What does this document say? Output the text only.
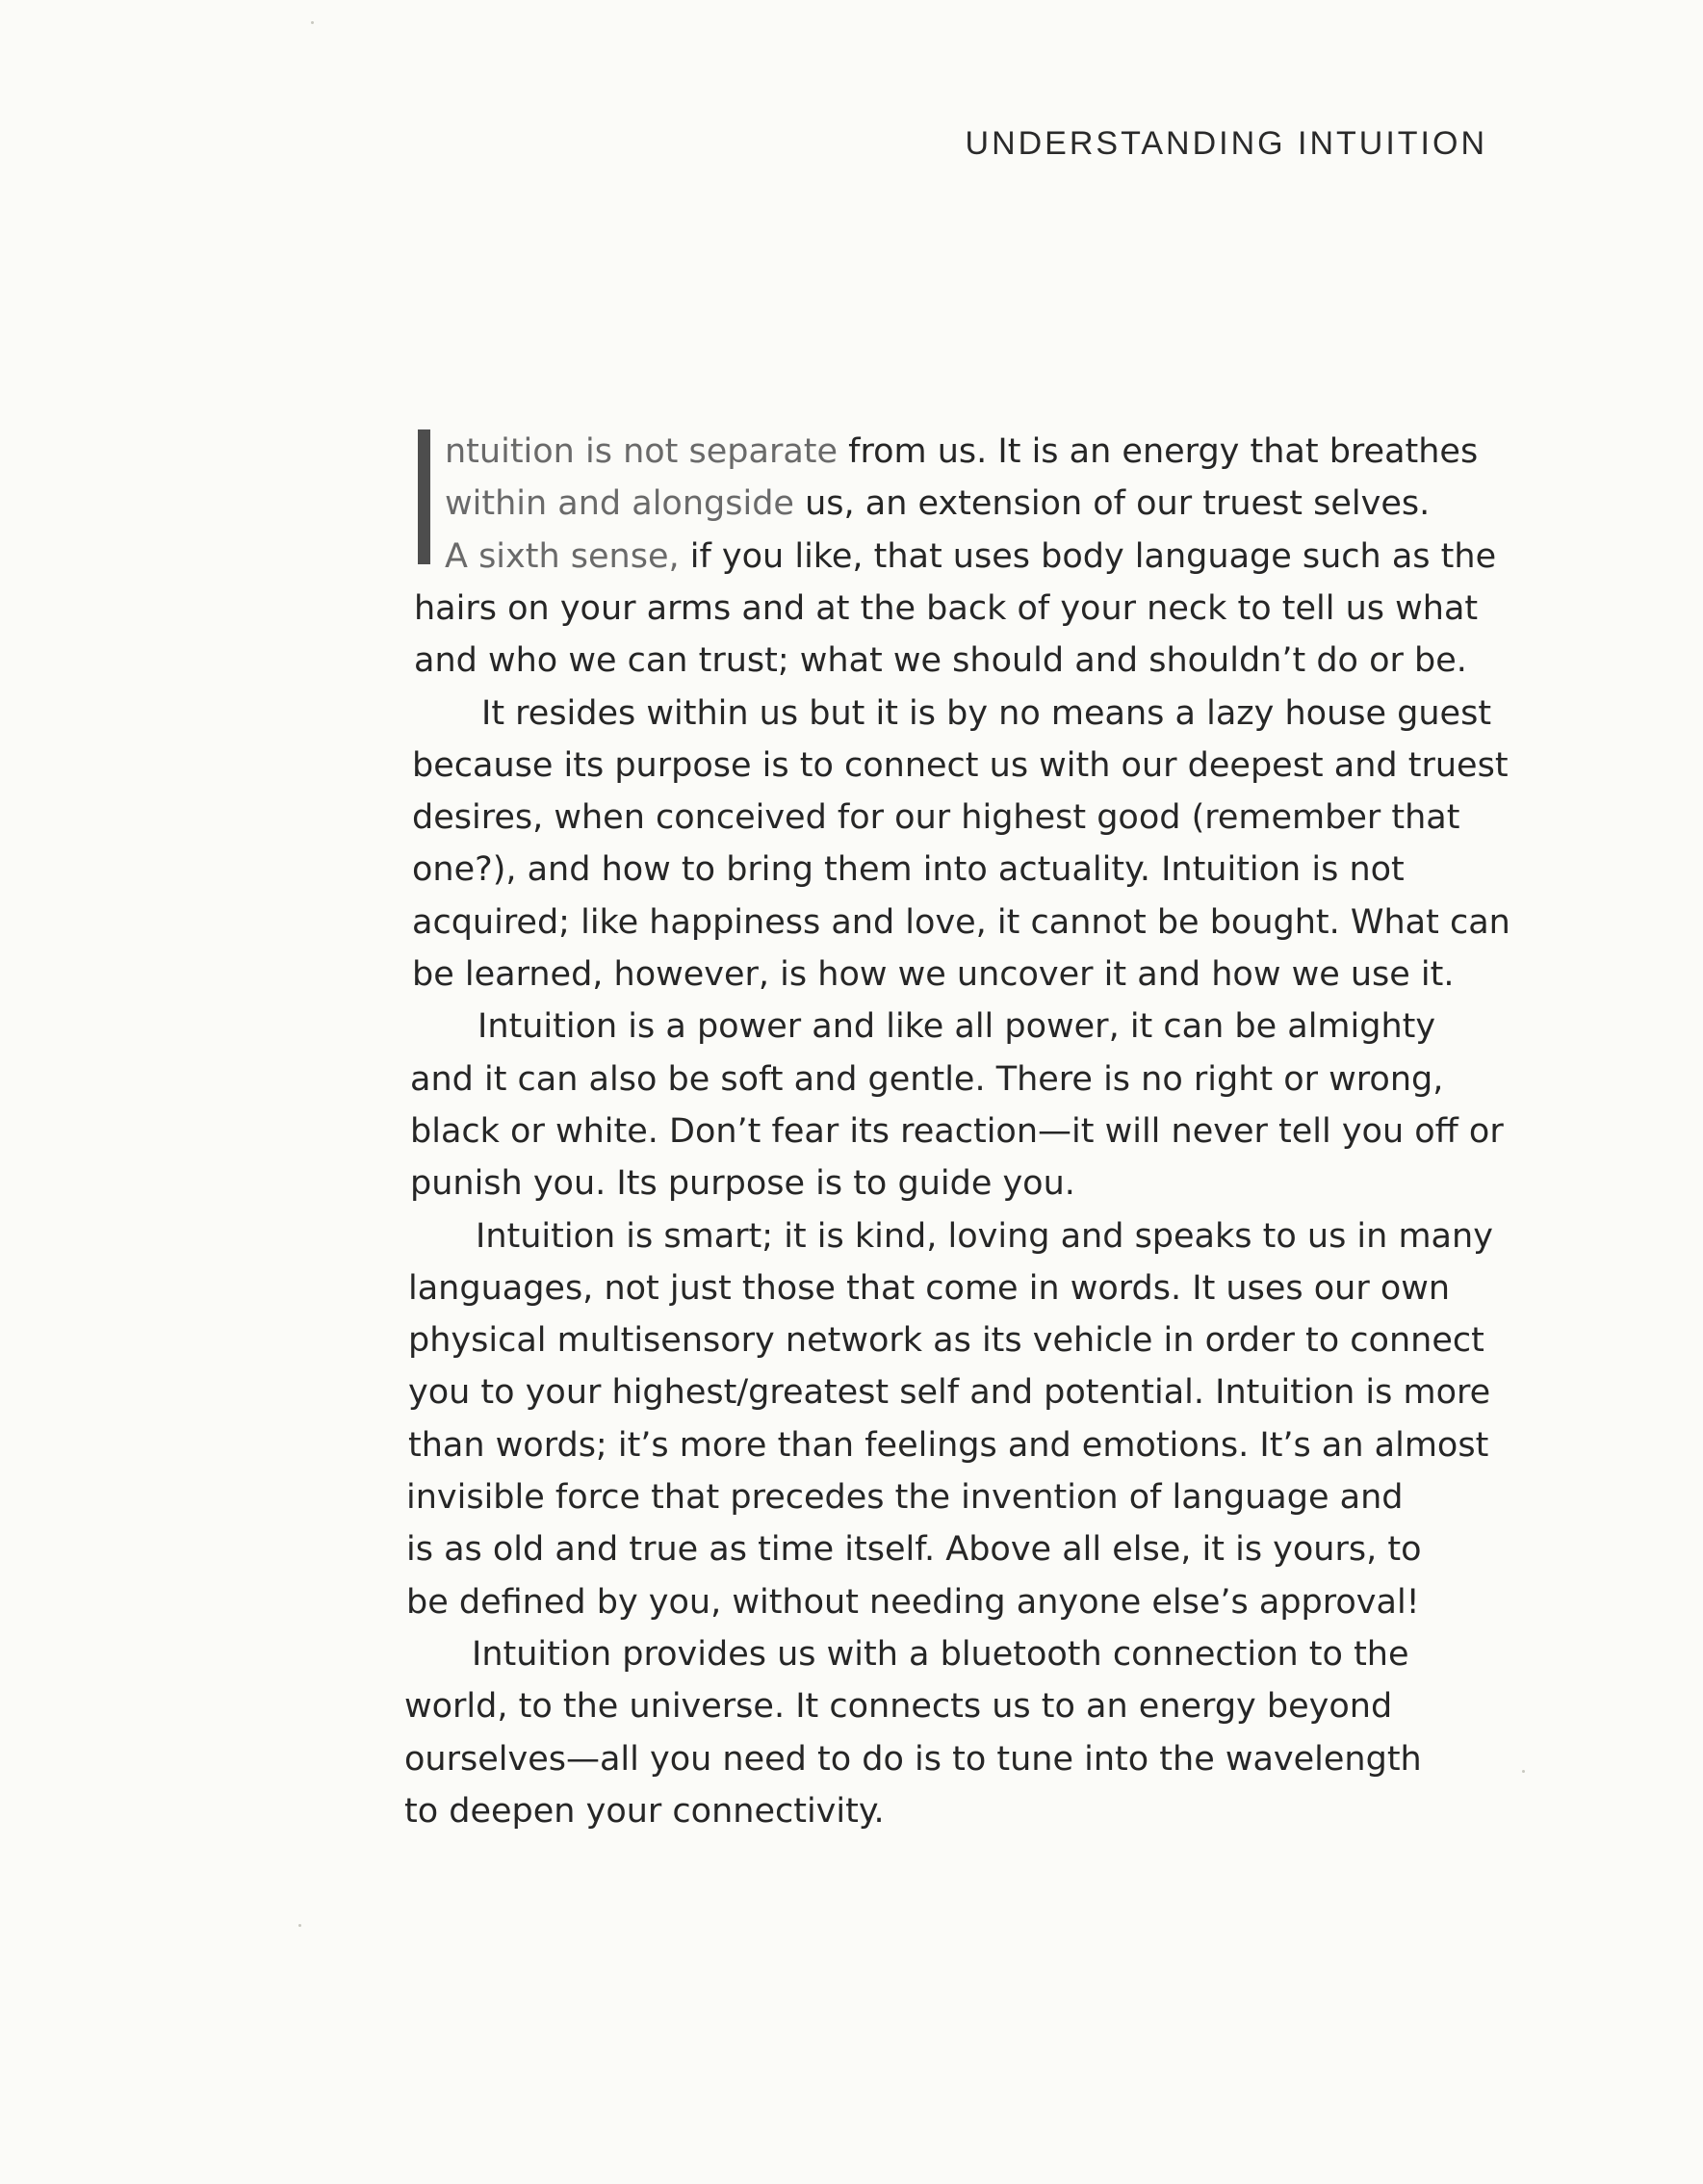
UNDERSTANDING INTUITION
ntuition is not separate from us. It is an energy that breathes
within and alongside us, an extension of our truest selves.
A sixth sense, if you like, that uses body language such as the
hairs on your arms and at the back of your neck to tell us what
and who we can trust; what we should and shouldn’t do or be.
It resides within us but it is by no means a lazy house guest
because its purpose is to connect us with our deepest and truest
desires, when conceived for our highest good (remember that
one?), and how to bring them into actuality. Intuition is not
acquired; like happiness and love, it cannot be bought. What can
be learned, however, is how we uncover it and how we use it.
Intuition is a power and like all power, it can be almighty
and it can also be soft and gentle. There is no right or wrong,
black or white. Don’t fear its reaction—it will never tell you off or
punish you. Its purpose is to guide you.
Intuition is smart; it is kind, loving and speaks to us in many
languages, not just those that come in words. It uses our own
physical multisensory network as its vehicle in order to connect
you to your highest/greatest self and potential. Intuition is more
than words; it’s more than feelings and emotions. It’s an almost
invisible force that precedes the invention of language and
is as old and true as time itself. Above all else, it is yours, to
be defined by you, without needing anyone else’s approval!
Intuition provides us with a bluetooth connection to the
world, to the universe. It connects us to an energy beyond
ourselves—all you need to do is to tune into the wavelength
to deepen your connectivity.
